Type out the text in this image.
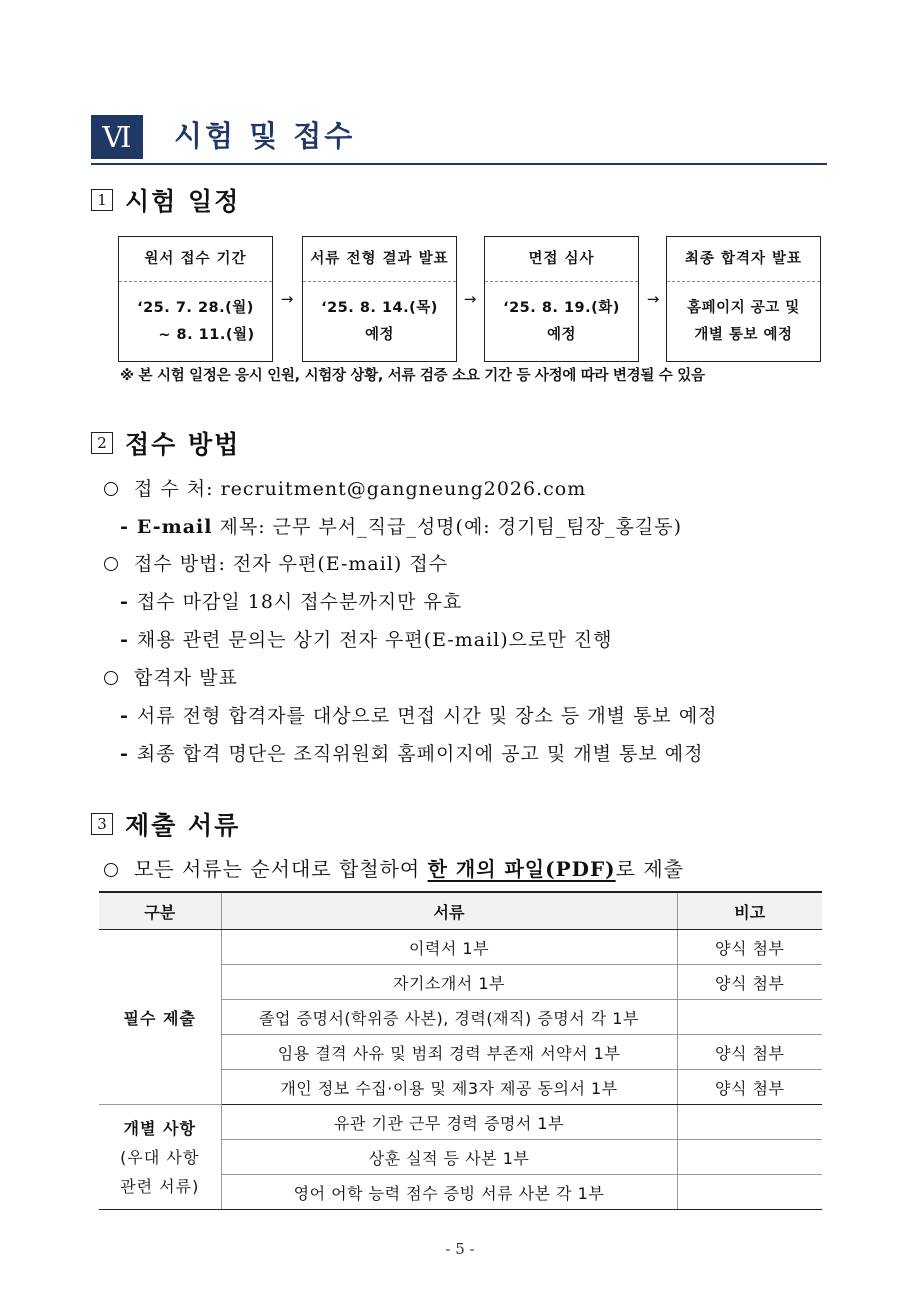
Ⅵ	시험 및 접수
1 시험 일정
원서 접수 기간
‘25. 7. 28.(월)
~ 8. 11.(월)
→
서류 전형 결과 발표
‘25. 8. 14.(목)
예정
→
면접 심사
‘25. 8. 19.(화)
예정
→
최종 합격자 발표
홈페이지 공고 및
개별 통보 예정
※ 본 시험 일정은 응시 인원, 시험장 상황, 서류 검증 소요 기간 등 사정에 따라 변경될 수 있음
2 접수 방법
접 수 처: recruitment@gangneung2026.com
- E-mail 제목: 근무 부서_직급_성명(예: 경기팀_팀장_홍길동)
접수 방법: 전자 우편(E-mail) 접수
- 접수 마감일 18시 접수분까지만 유효
- 채용 관련 문의는 상기 전자 우편(E-mail)으로만 진행
합격자 발표
- 서류 전형 합격자를 대상으로 면접 시간 및 장소 등 개별 통보 예정
- 최종 합격 명단은 조직위원회 홈페이지에 공고 및 개별 통보 예정
3 제출 서류
모든 서류는 순서대로 합철하여 한 개의 파일(PDF)로 제출
구분	서류	비고
필수 제출	이력서 1부	양식 첨부
	자기소개서 1부	양식 첨부
	졸업 증명서(학위증 사본), 경력(재직) 증명서 각 1부	
	임용 결격 사유 및 범죄 경력 부존재 서약서 1부	양식 첨부
	개인 정보 수집·이용 및 제3자 제공 동의서 1부	양식 첨부

개별 사항
(우대 사항
관련 서류)	유관 기관 근무 경력 증명서 1부	
	상훈 실적 등 사본 1부	
	영어 어학 능력 점수 증빙 서류 사본 각 1부	
- 5 -
